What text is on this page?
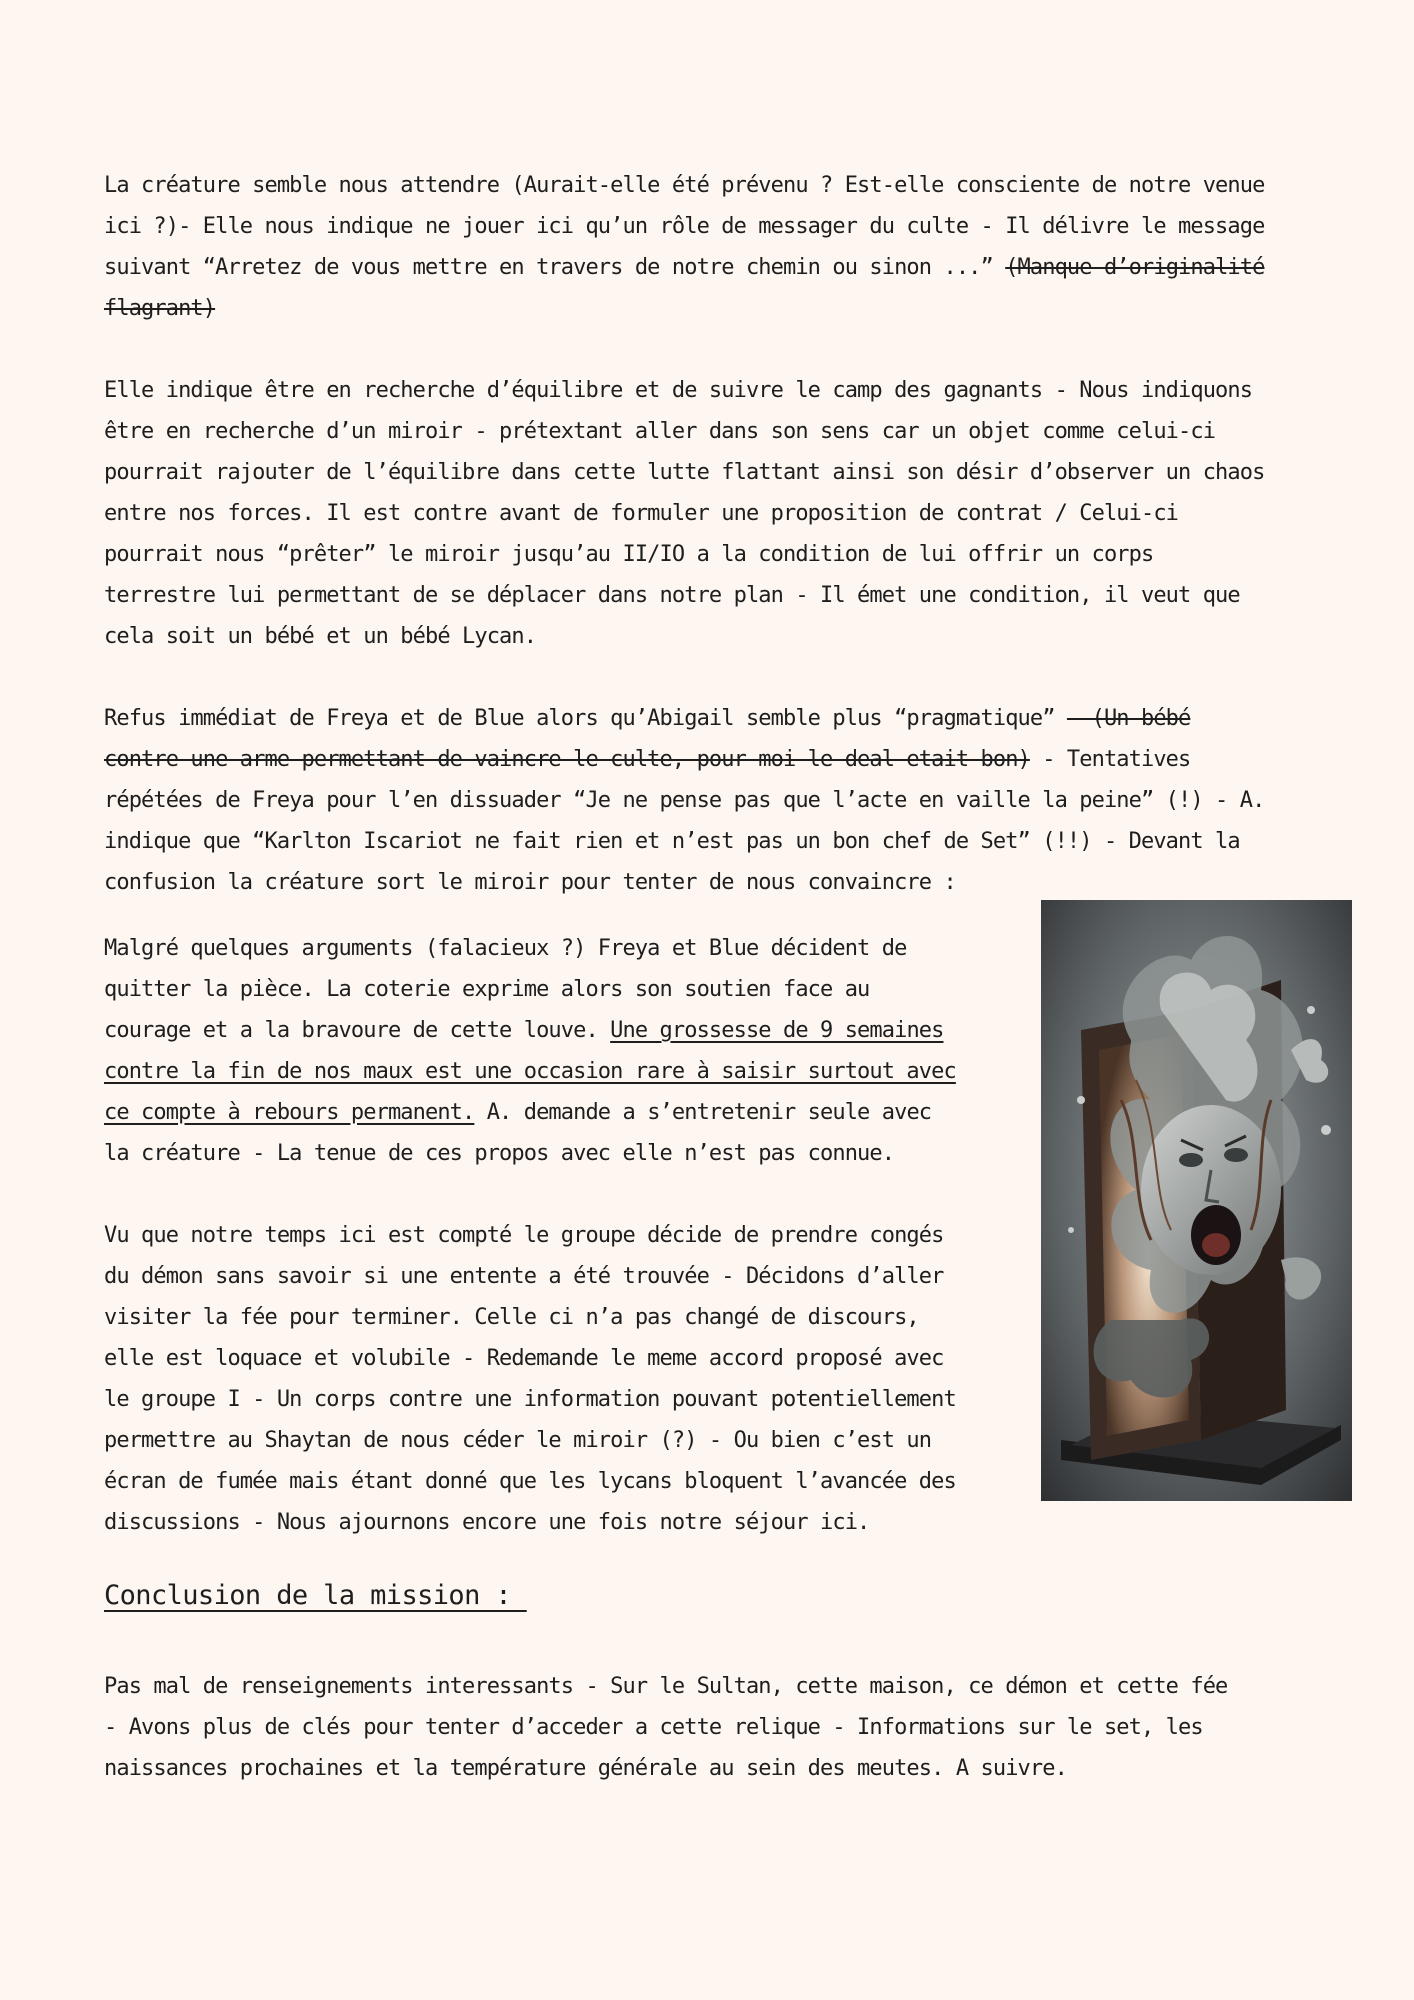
La créature semble nous attendre (Aurait-elle été prévenu ? Est-elle consciente de notre venue
ici ?)- Elle nous indique ne jouer ici qu’un rôle de messager du culte - Il délivre le message
suivant “Arretez de vous mettre en travers de notre chemin ou sinon ...” (Manque d’originalité
flagrant)
Elle indique être en recherche d’équilibre et de suivre le camp des gagnants - Nous indiquons
être en recherche d’un miroir - prétextant aller dans son sens car un objet comme celui-ci
pourrait rajouter de l’équilibre dans cette lutte flattant ainsi son désir d’observer un chaos
entre nos forces. Il est contre avant de formuler une proposition de contrat / Celui-ci
pourrait nous “prêter” le miroir jusqu’au II/IO a la condition de lui offrir un corps
terrestre lui permettant de se déplacer dans notre plan - Il émet une condition, il veut que
cela soit un bébé et un bébé Lycan.
Refus immédiat de Freya et de Blue alors qu’Abigail semble plus “pragmatique” - (Un bébé
contre une arme permettant de vaincre le culte, pour moi le deal etait bon) - Tentatives
répétées de Freya pour l’en dissuader “Je ne pense pas que l’acte en vaille la peine” (!) - A.
indique que “Karlton Iscariot ne fait rien et n’est pas un bon chef de Set” (!!) - Devant la
confusion la créature sort le miroir pour tenter de nous convaincre :
Malgré quelques arguments (falacieux ?) Freya et Blue décident de
quitter la pièce. La coterie exprime alors son soutien face au
courage et a la bravoure de cette louve. Une grossesse de 9 semaines
contre la fin de nos maux est une occasion rare à saisir surtout avec
ce compte à rebours permanent. A. demande a s’entretenir seule avec
la créature - La tenue de ces propos avec elle n’est pas connue.
Vu que notre temps ici est compté le groupe décide de prendre congés
du démon sans savoir si une entente a été trouvée - Décidons d’aller
visiter la fée pour terminer. Celle ci n’a pas changé de discours,
elle est loquace et volubile - Redemande le meme accord proposé avec
le groupe I - Un corps contre une information pouvant potentiellement
permettre au Shaytan de nous céder le miroir (?) - Ou bien c’est un
écran de fumée mais étant donné que les lycans bloquent l’avancée des
discussions - Nous ajournons encore une fois notre séjour ici.
Conclusion de la mission :
Pas mal de renseignements interessants - Sur le Sultan, cette maison, ce démon et cette fée
- Avons plus de clés pour tenter d’acceder a cette relique - Informations sur le set, les
naissances prochaines et la température générale au sein des meutes. A suivre.
